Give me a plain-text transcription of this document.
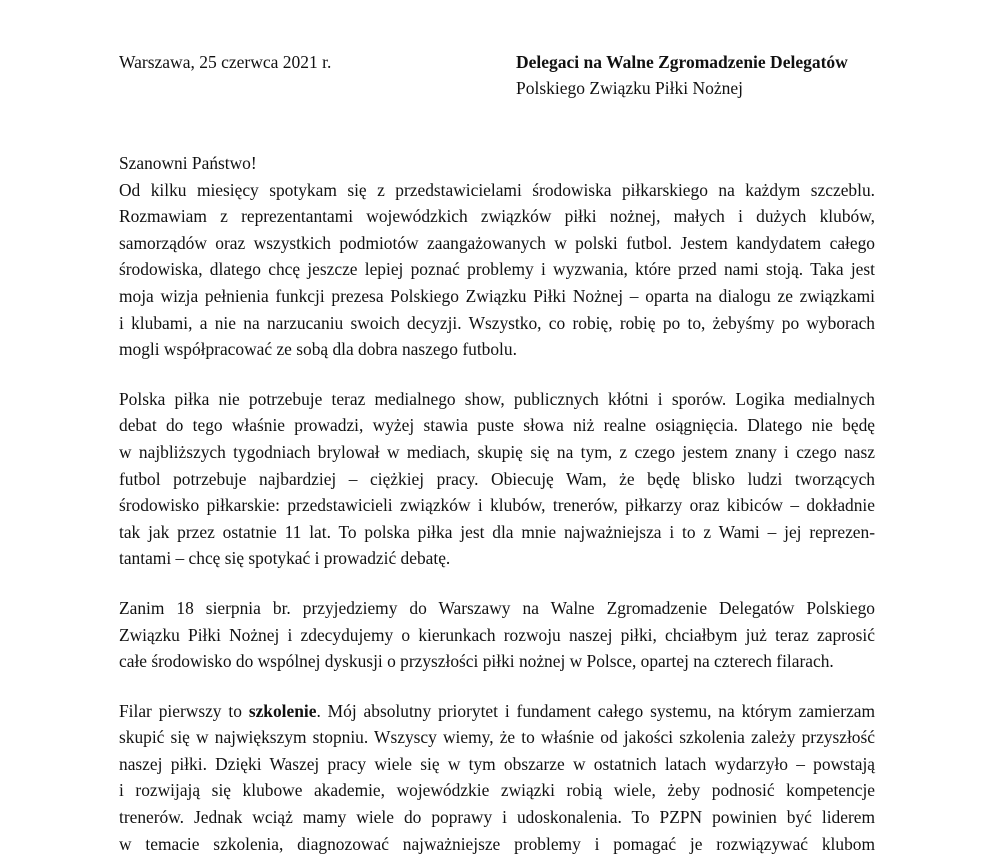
Warszawa, 25 czerwca 2021 r.	Delegaci na Walne Zgromadzenie Delegatów
Polskiego Związku Piłki Nożnej
Szanowni Państwo!
Od kilku miesięcy spotykam się z przedstawicielami środowiska piłkarskiego na każdym szczeblu.
Rozmawiam z reprezentantami wojewódzkich związków piłki nożnej, małych i dużych klubów,
samorządów oraz wszystkich podmiotów zaangażowanych w polski futbol. Jestem kandydatem całego
środowiska, dlatego chcę jeszcze lepiej poznać problemy i wyzwania, które przed nami stoją. Taka jest
moja wizja pełnienia funkcji prezesa Polskiego Związku Piłki Nożnej – oparta na dialogu ze związkami
i klubami, a nie na narzucaniu swoich decyzji. Wszystko, co robię, robię po to, żebyśmy po wyborach
mogli współpracować ze sobą dla dobra naszego futbolu.
Polska piłka nie potrzebuje teraz medialnego show, publicznych kłótni i sporów. Logika medialnych
debat do tego właśnie prowadzi, wyżej stawia puste słowa niż realne osiągnięcia. Dlatego nie będę
w najbliższych tygodniach brylował w mediach, skupię się na tym, z czego jestem znany i czego nasz
futbol potrzebuje najbardziej – ciężkiej pracy. Obiecuję Wam, że będę blisko ludzi tworzących
środowisko piłkarskie: przedstawicieli związków i klubów, trenerów, piłkarzy oraz kibiców – dokładnie
tak jak przez ostatnie 11 lat. To polska piłka jest dla mnie najważniejsza i to z Wami – jej reprezen-
tantami – chcę się spotykać i prowadzić debatę.
Zanim 18 sierpnia br. przyjedziemy do Warszawy na Walne Zgromadzenie Delegatów Polskiego
Związku Piłki Nożnej i zdecydujemy o kierunkach rozwoju naszej piłki, chciałbym już teraz zaprosić
całe środowisko do wspólnej dyskusji o przyszłości piłki nożnej w Polsce, opartej na czterech filarach.
Filar pierwszy to szkolenie. Mój absolutny priorytet i fundament całego systemu, na którym zamierzam
skupić się w największym stopniu. Wszyscy wiemy, że to właśnie od jakości szkolenia zależy przyszłość
naszej piłki. Dzięki Waszej pracy wiele się w tym obszarze w ostatnich latach wydarzyło – powstają
i rozwijają się klubowe akademie, wojewódzkie związki robią wiele, żeby podnosić kompetencje
trenerów. Jednak wciąż mamy wiele do poprawy i udoskonalenia. To PZPN powinien być liderem
w temacie szkolenia, diagnozować najważniejsze problemy i pomagać je rozwiązywać klubom
